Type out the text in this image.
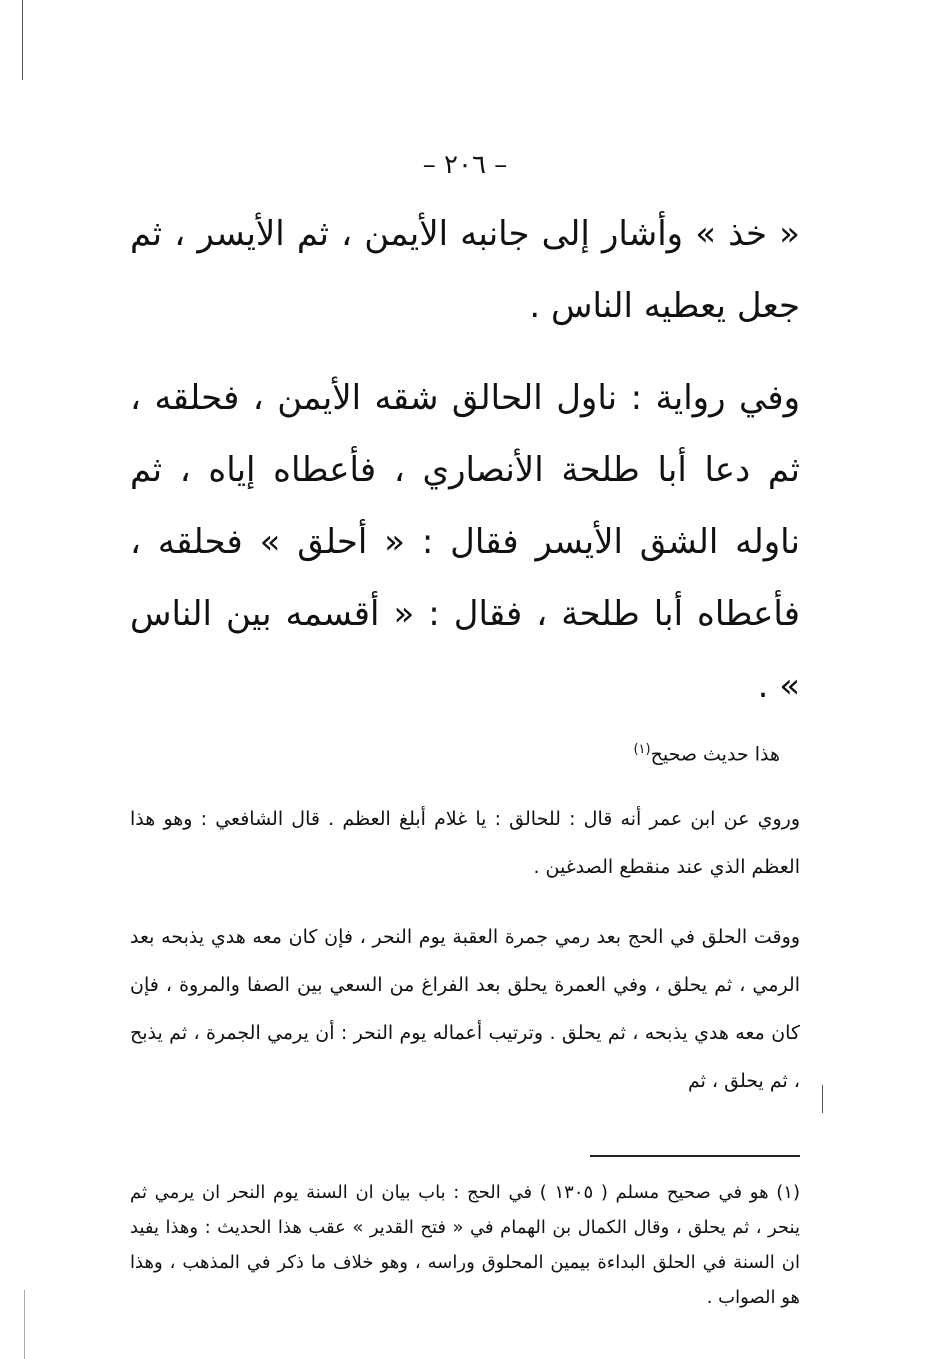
– ٢٠٦ –

« خذ » وأشار إلى جانبه الأيمن ، ثم الأيسر ، ثم جعل يعطيه الناس .

وفي رواية : ناول الحالق شقه الأيمن ، فحلقه ، ثم دعا أبا طلحة الأنصاري ، فأعطاه إياه ، ثم ناوله الشق الأيسر فقال : « أحلق » فحلقه ، فأعطاه أبا طلحة ، فقال : « أقسمه بين الناس » .

هذا حديث صحيح$^{(١)}$

وروي عن ابن عمر أنه قال : للحالق : يا غلام أبلغ العظم . قال الشافعي : وهو هذا العظم الذي عند منقطع الصدغين .

ووقت الحلق في الحج بعد رمي جمرة العقبة يوم النحر ، فإن كان معه هدي يذبحه بعد الرمي ، ثم يحلق ، وفي العمرة يحلق بعد الفراغ من السعي بين الصفا والمروة ، فإن كان معه هدي يذبحه ، ثم يحلق . وترتيب أعماله يوم النحر : أن يرمي الجمرة ، ثم يذبح ، ثم يحلق ، ثم

(١) هو في صحيح مسلم ( ١٣٠٥ ) في الحج : باب بيان ان السنة يوم النحر ان يرمي ثم ينحر ، ثم يحلق ، وقال الكمال بن الهمام في « فتح القدير » عقب هذا الحديث : وهذا يفيد ان السنة في الحلق البداءة بيمين المحلوق وراسه ، وهو خلاف ما ذكر في المذهب ، وهذا هو الصواب .
